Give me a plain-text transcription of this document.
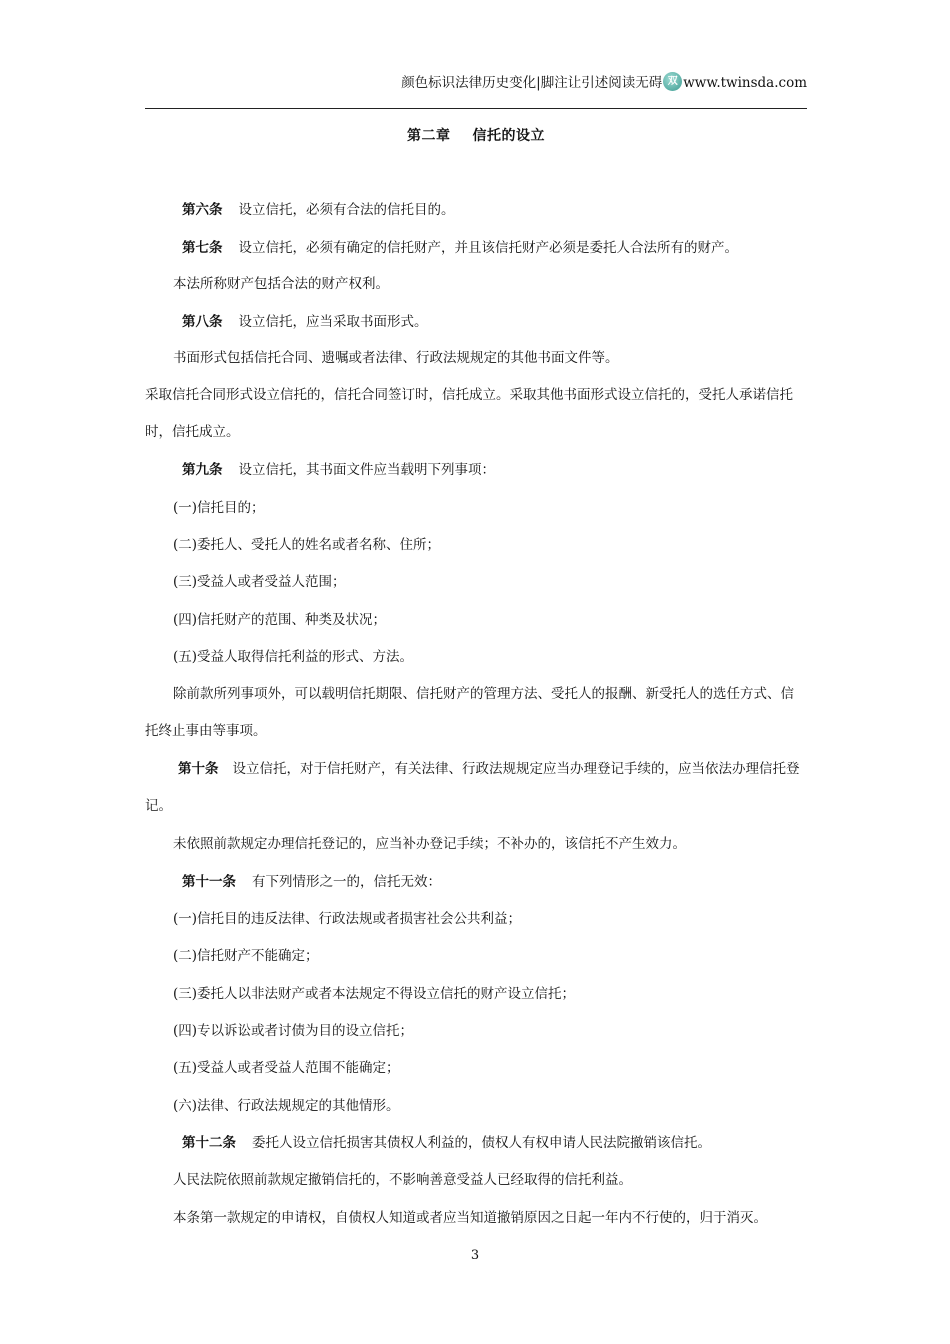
颜色标识法律历史变化|脚注让引述阅读无碍 双 www.twinsda.com
第二章 信托的设立
第六条 设立信托，必须有合法的信托目的。
第七条 设立信托，必须有确定的信托财产，并且该信托财产必须是委托人合法所有的财产。
本法所称财产包括合法的财产权利。
第八条 设立信托，应当采取书面形式。
书面形式包括信托合同、遗嘱或者法律、行政法规规定的其他书面文件等。
采取信托合同形式设立信托的，信托合同签订时，信托成立。采取其他书面形式设立信托的，受托人承诺信托时，信托成立。
第九条 设立信托，其书面文件应当载明下列事项：
(一)信托目的；
(二)委托人、受托人的姓名或者名称、住所；
(三)受益人或者受益人范围；
(四)信托财产的范围、种类及状况；
(五)受益人取得信托利益的形式、方法。
除前款所列事项外，可以载明信托期限、信托财产的管理方法、受托人的报酬、新受托人的选任方式、信托终止事由等事项。
第十条 设立信托，对于信托财产，有关法律、行政法规规定应当办理登记手续的，应当依法办理信托登记。
未依照前款规定办理信托登记的，应当补办登记手续；不补办的，该信托不产生效力。
第十一条 有下列情形之一的，信托无效：
(一)信托目的违反法律、行政法规或者损害社会公共利益；
(二)信托财产不能确定；
(三)委托人以非法财产或者本法规定不得设立信托的财产设立信托；
(四)专以诉讼或者讨债为目的设立信托；
(五)受益人或者受益人范围不能确定；
(六)法律、行政法规规定的其他情形。
第十二条 委托人设立信托损害其债权人利益的，债权人有权申请人民法院撤销该信托。
人民法院依照前款规定撤销信托的，不影响善意受益人已经取得的信托利益。
本条第一款规定的申请权，自债权人知道或者应当知道撤销原因之日起一年内不行使的，归于消灭。
3
